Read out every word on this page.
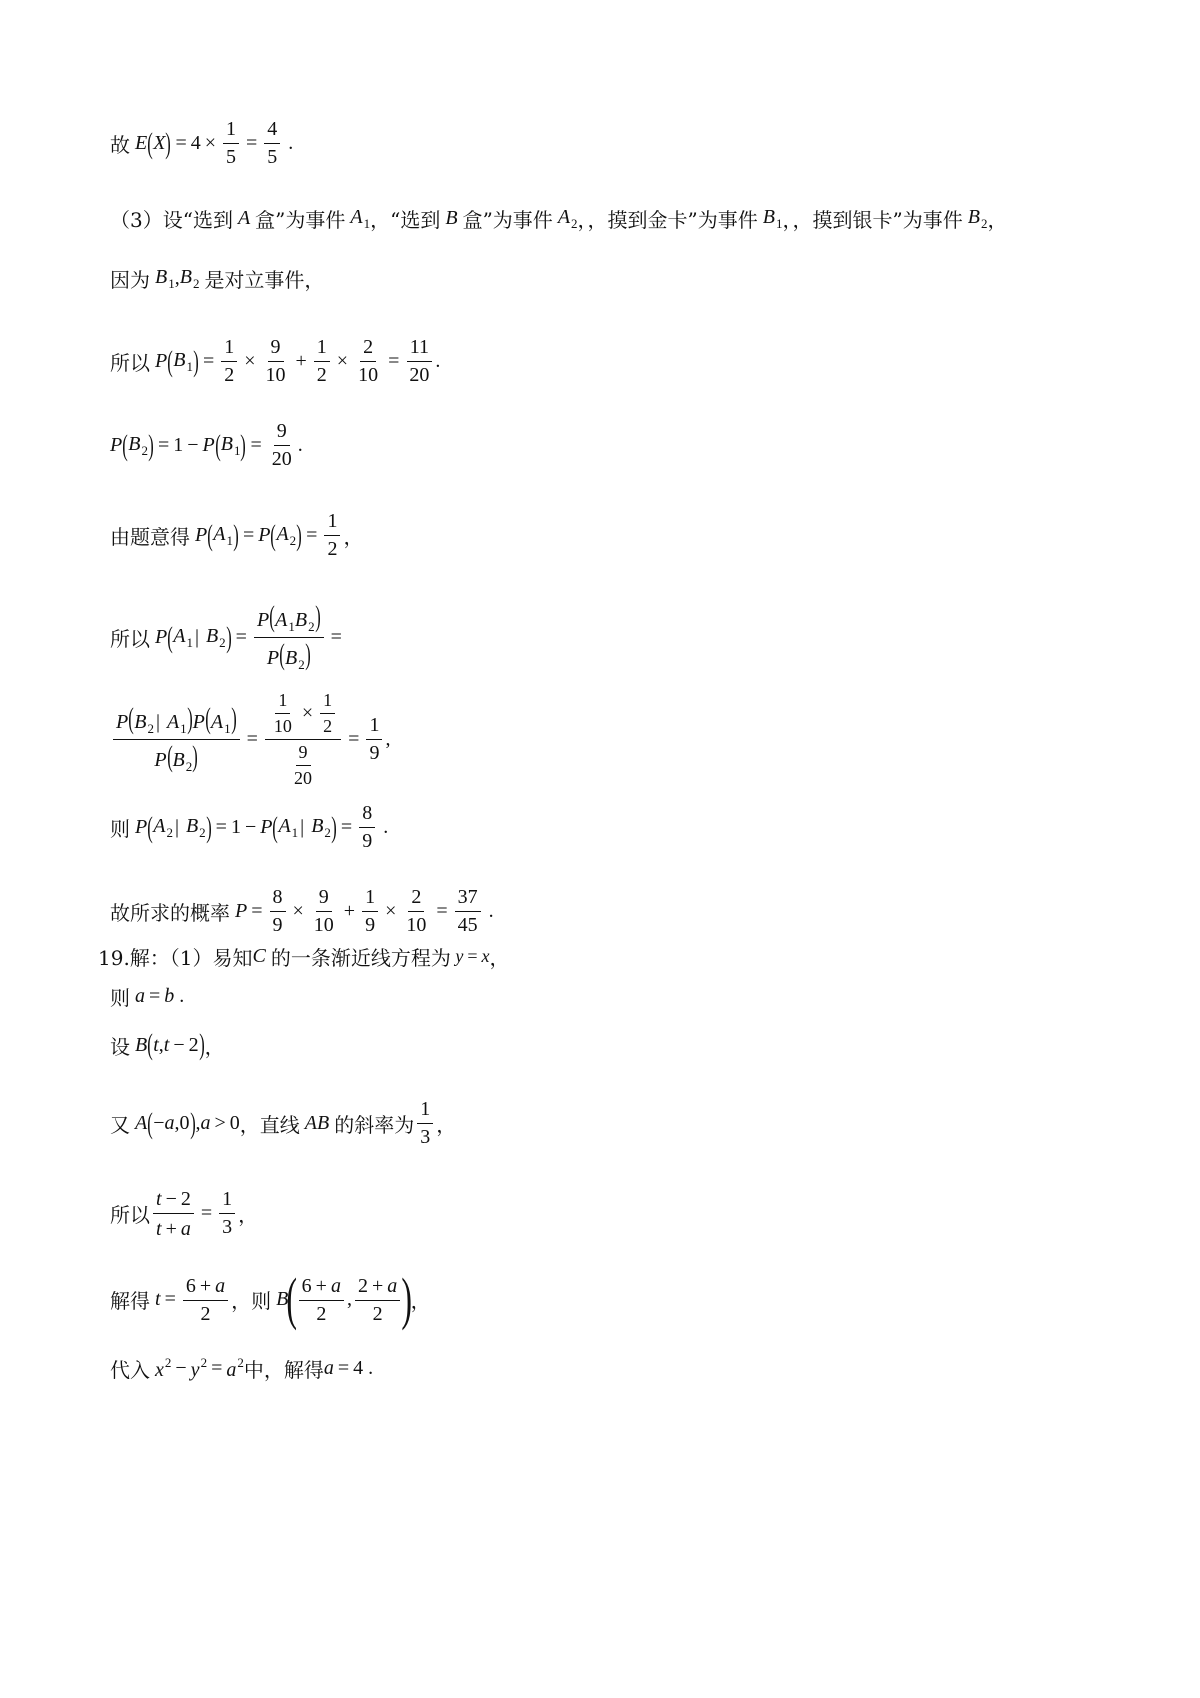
故 E ( X ) = $4 \times \frac{1}{5} = \frac{4}{5}$ .
（3）设“选到 A 盒”为事件 $A_1$ ，“选到 B 盒”为事件 $A_2$ ，，摸到金卡”为事件 $B_1$ ，，摸到银卡”为事件 $B_2$ ，
因为 $B_1$ , $B_2$ 是对立事件，
所以 P ( $B_1$ ) = $\frac{1}{2} \times \frac{9}{10} + \frac{1}{2} \times \frac{2}{10} = \frac{11}{20}$ .
P ( $B_2$ ) = 1 − P ( $B_1$ ) = $\frac{9}{20}$ .
由题意得 P ( $A_1$ ) = P ( $A_2$ ) = $\frac{1}{2}$ ，
所以 P ( $A_1$ | $B_2$ ) = $\frac{P(A_1B_2)}{P(B_2)}$ =
$\frac{P(B_2 | A_1)P(A_1)}{P(B_2)} = \frac{\frac{1}{10} \times \frac{1}{2}}{\frac{9}{20}} = \frac{1}{9}$ ,
则 P ( $A_2$ | $B_2$ ) = 1 − P ( $A_1$ | $B_2$ ) = $\frac{8}{9}$ .
故所求的概率 $P = \frac{8}{9} \times \frac{9}{10} + \frac{1}{9} \times \frac{2}{10} = \frac{37}{45}$ .
19.解：（1）易知 C 的一条渐近线方程为 y = x ，
则 a = b .
设 B ( t , t − 2 ) ，
又 A ( − a ,0 ) , a > 0 ，直线 AB 的斜率为 $\frac{1}{3}$ ，
所以 $\frac{t - 2}{t + a} = \frac{1}{3}$ ，
解得 $t = \frac{6 + a}{2}$ ，则 B
( $\frac{6 + a}{2}$ , $\frac{2 + a}{2}$ )
，
代入 $x^2 - y^2 = a^2$ 中，解得 a = 4 .
